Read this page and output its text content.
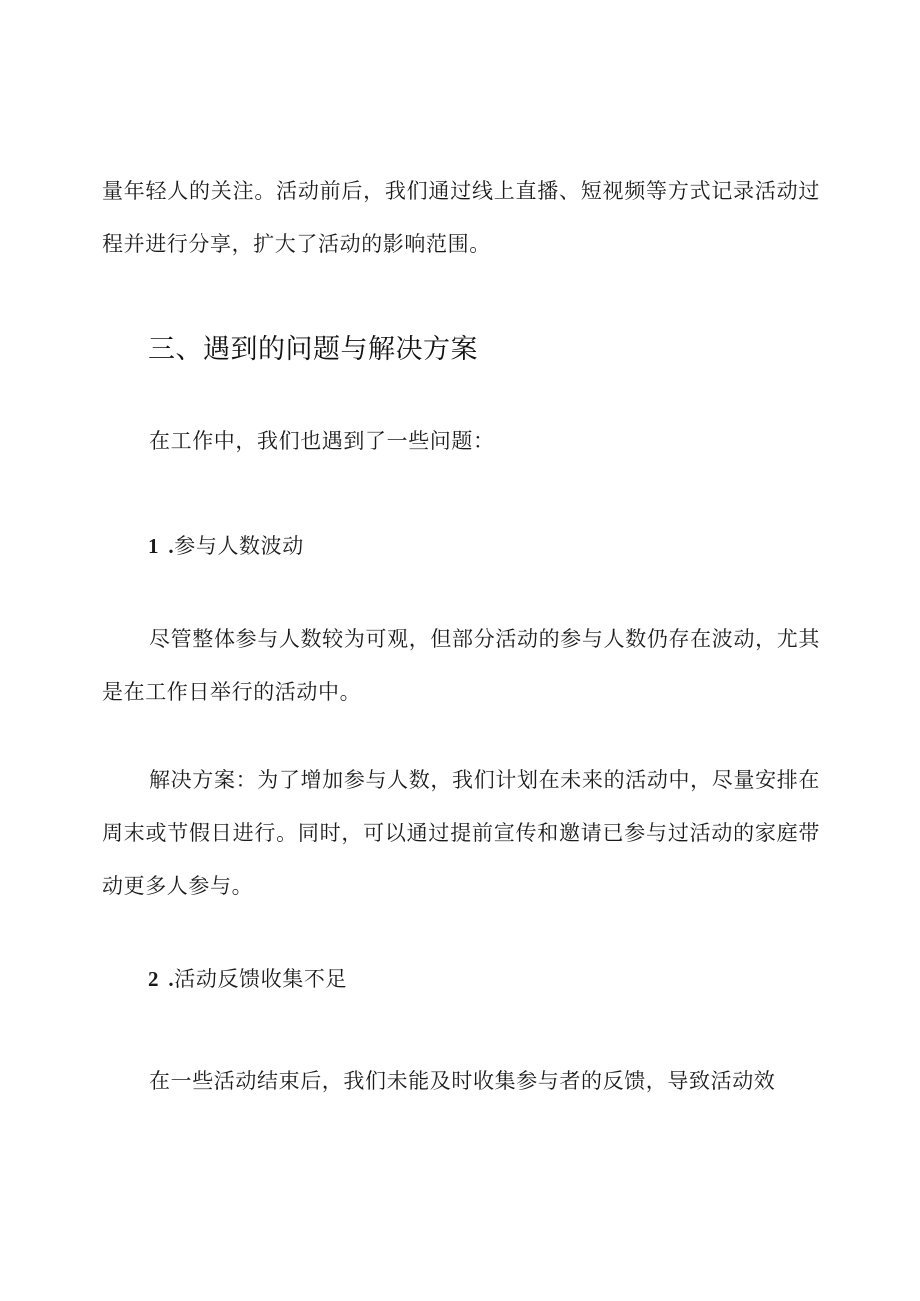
量年轻人的关注。活动前后，我们通过线上直播、短视频等方式记录活动过程并进行分享，扩大了活动的影响范围。

三、遇到的问题与解决方案

在工作中，我们也遇到了一些问题：

1 .参与人数波动

尽管整体参与人数较为可观，但部分活动的参与人数仍存在波动，尤其是在工作日举行的活动中。

解决方案：为了增加参与人数，我们计划在未来的活动中，尽量安排在周末或节假日进行。同时，可以通过提前宣传和邀请已参与过活动的家庭带动更多人参与。

2 .活动反馈收集不足

在一些活动结束后，我们未能及时收集参与者的反馈，导致活动效
